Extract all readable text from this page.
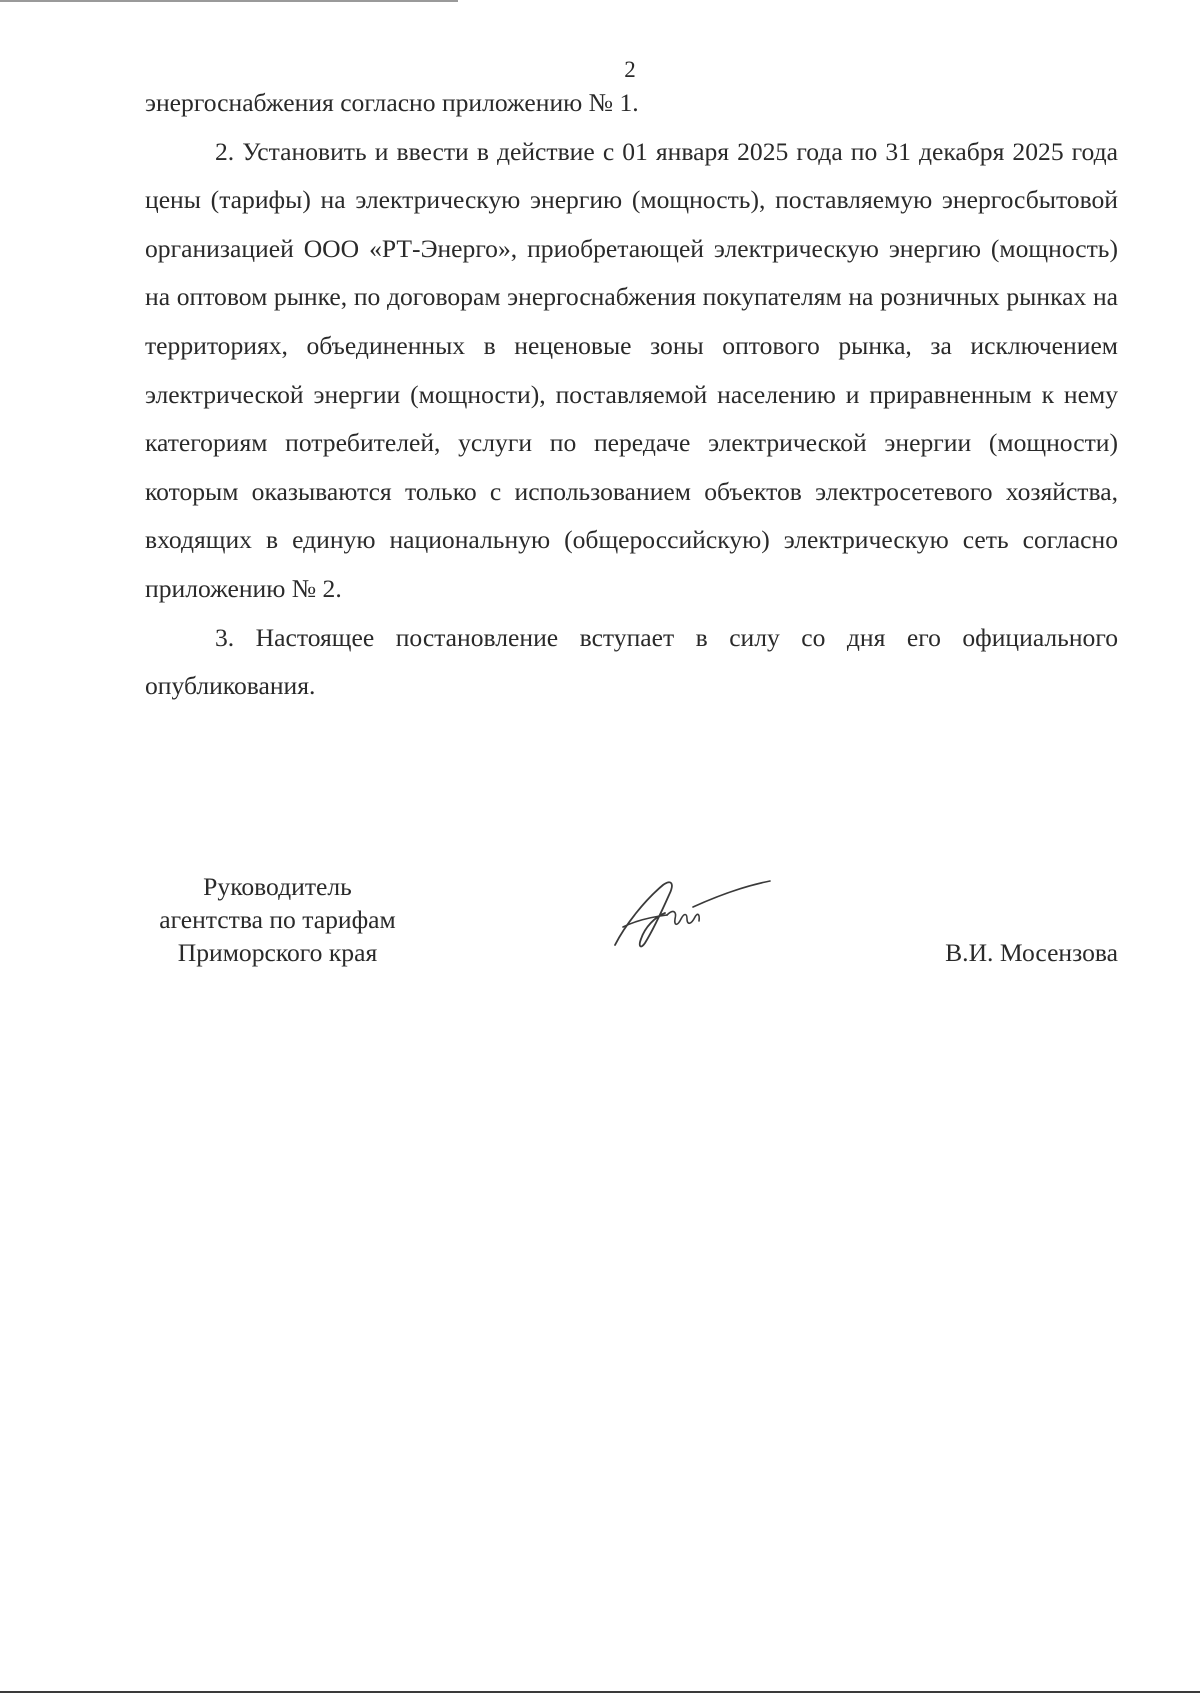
2

энергоснабжения согласно приложению № 1.

2. Установить и ввести в действие с 01 января 2025 года по 31 декабря 2025 года цены (тарифы) на электрическую энергию (мощность), поставляемую энергосбытовой организацией ООО «РТ-Энерго», приобретающей электрическую энергию (мощность) на оптовом рынке, по договорам энергоснабжения покупателям на розничных рынках на территориях, объединенных в неценовые зоны оптового рынка, за исключением электрической энергии (мощности), поставляемой населению и приравненным к нему категориям потребителей, услуги по передаче электрической энергии (мощности) которым оказываются только с использованием объектов электросетевого хозяйства, входящих в единую национальную (общероссийскую) электрическую сеть согласно приложению № 2.

3. Настоящее постановление вступает в силу со дня его официального опубликования.

Руководитель
агентства по тарифам
Приморского края	В.И. Мосензова
